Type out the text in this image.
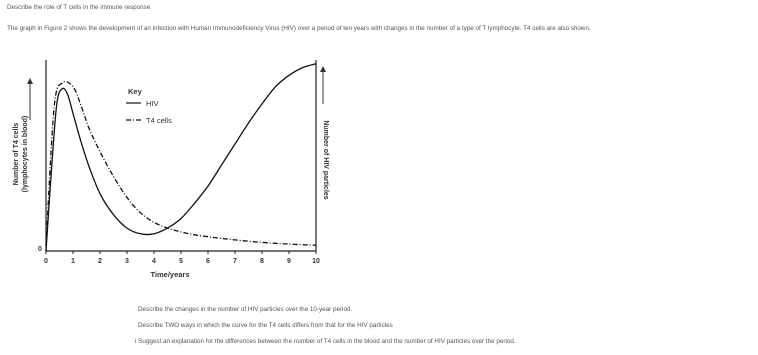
Describe the role of T cells in the immune response
The graph in Figure 2 shows the development of an infection with Human Immunodeficiency Virus (HIV) over a period of ten years with changes in the number of a type of T lymphocyte. T4 cells are also shown.
0	1	2	3	4	5	6	7	8	9	10
0
Time/years
Number of T4 cells (lymphocytes in blood)	Number of HIV particles
Key
HIV
T4 cells
Describe the changes in the number of HIV particles over the 10-year period.
Describe TWO ways in which the curve for the T4 cells differs from that for the HIV particles
i Suggest an explanation for the differences between the number of T4 cells in the blood and the number of HIV particles over the period.
